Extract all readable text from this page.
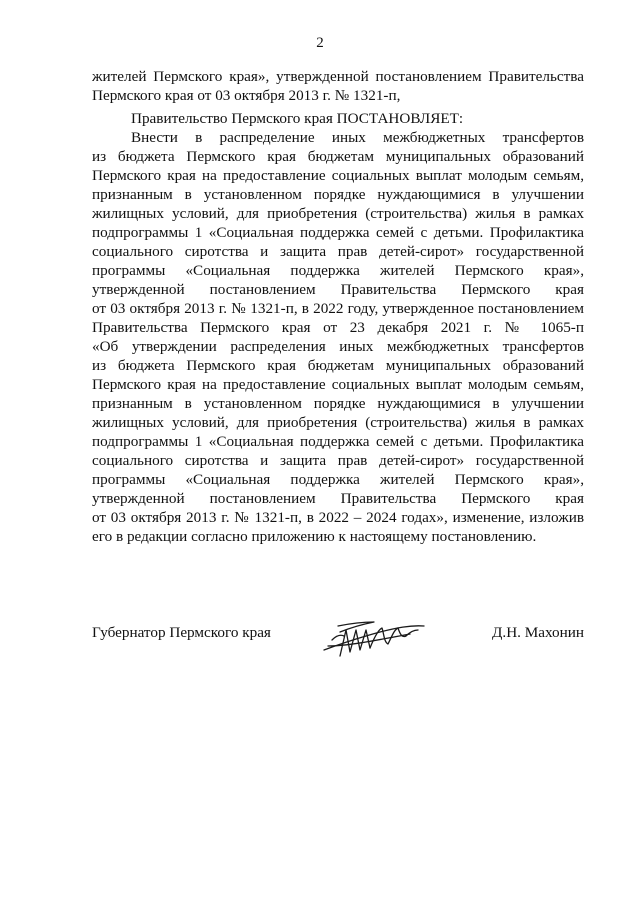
2
жителей Пермского края», утвержденной постановлением Правительства
Пермского края от 03 октября 2013 г. № 1321-п,
Правительство Пермского края ПОСТАНОВЛЯЕТ:
Внести в распределение иных межбюджетных трансфертов
из бюджета Пермского края бюджетам муниципальных образований
Пермского края на предоставление социальных выплат молодым семьям,
признанным в установленном порядке нуждающимися в улучшении
жилищных условий, для приобретения (строительства) жилья в рамках
подпрограммы 1 «Социальная поддержка семей с детьми. Профилактика
социального сиротства и защита прав детей-сирот» государственной
программы «Социальная поддержка жителей Пермского края»,
утвержденной постановлением Правительства Пермского края
от 03 октября 2013 г. № 1321-п, в 2022 году, утвержденное постановлением
Правительства Пермского края от 23 декабря 2021 г. № 1065-п
«Об утверждении распределения иных межбюджетных трансфертов
из бюджета Пермского края бюджетам муниципальных образований
Пермского края на предоставление социальных выплат молодым семьям,
признанным в установленном порядке нуждающимися в улучшении
жилищных условий, для приобретения (строительства) жилья в рамках
подпрограммы 1 «Социальная поддержка семей с детьми. Профилактика
социального сиротства и защита прав детей-сирот» государственной
программы «Социальная поддержка жителей Пермского края»,
утвержденной постановлением Правительства Пермского края
от 03 октября 2013 г. № 1321-п, в 2022 – 2024 годах», изменение, изложив
его в редакции согласно приложению к настоящему постановлению.
Губернатор Пермского края	Д.Н. Махонин
